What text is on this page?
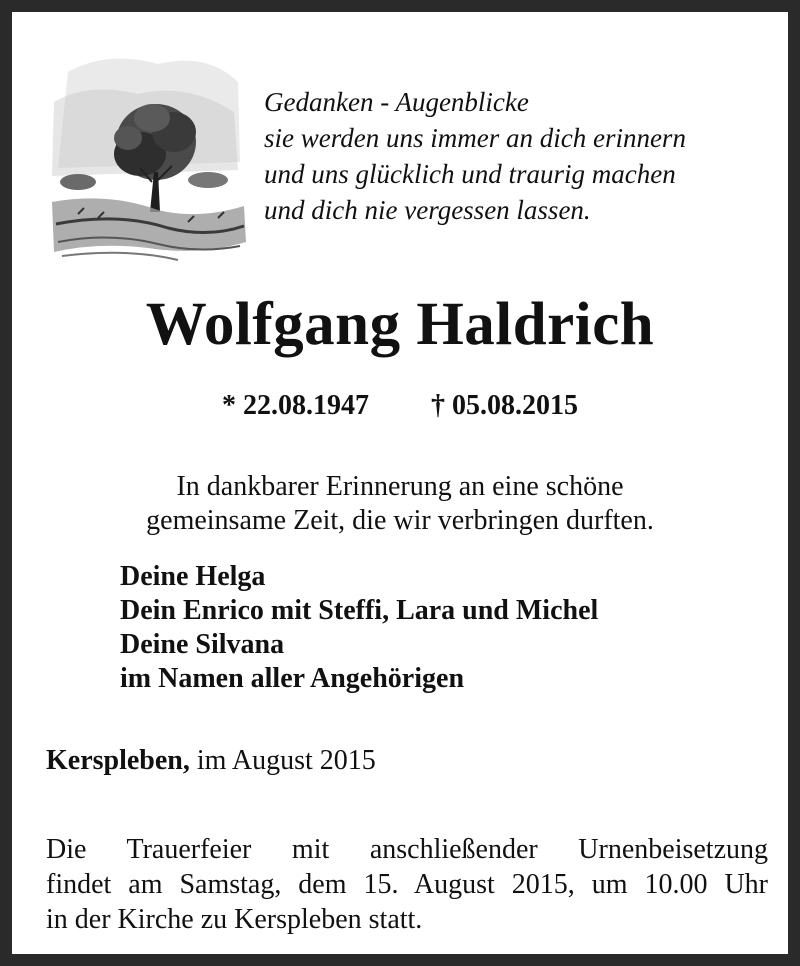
Gedanken - Augenblicke
sie werden uns immer an dich erinnern
und uns glücklich und traurig machen
und dich nie vergessen lassen.
Wolfgang Haldrich
* 22.08.1947 † 05.08.2015
In dankbarer Erinnerung an eine schöne
gemeinsame Zeit, die wir verbringen durften.
Deine Helga
Dein Enrico mit Steffi, Lara und Michel
Deine Silvana
im Namen aller Angehörigen
Kerspleben, im August 2015
Die Trauerfeier mit anschließender Urnenbeisetzung
findet am Samstag, dem 15. August 2015, um 10.00 Uhr
in der Kirche zu Kerspleben statt.
